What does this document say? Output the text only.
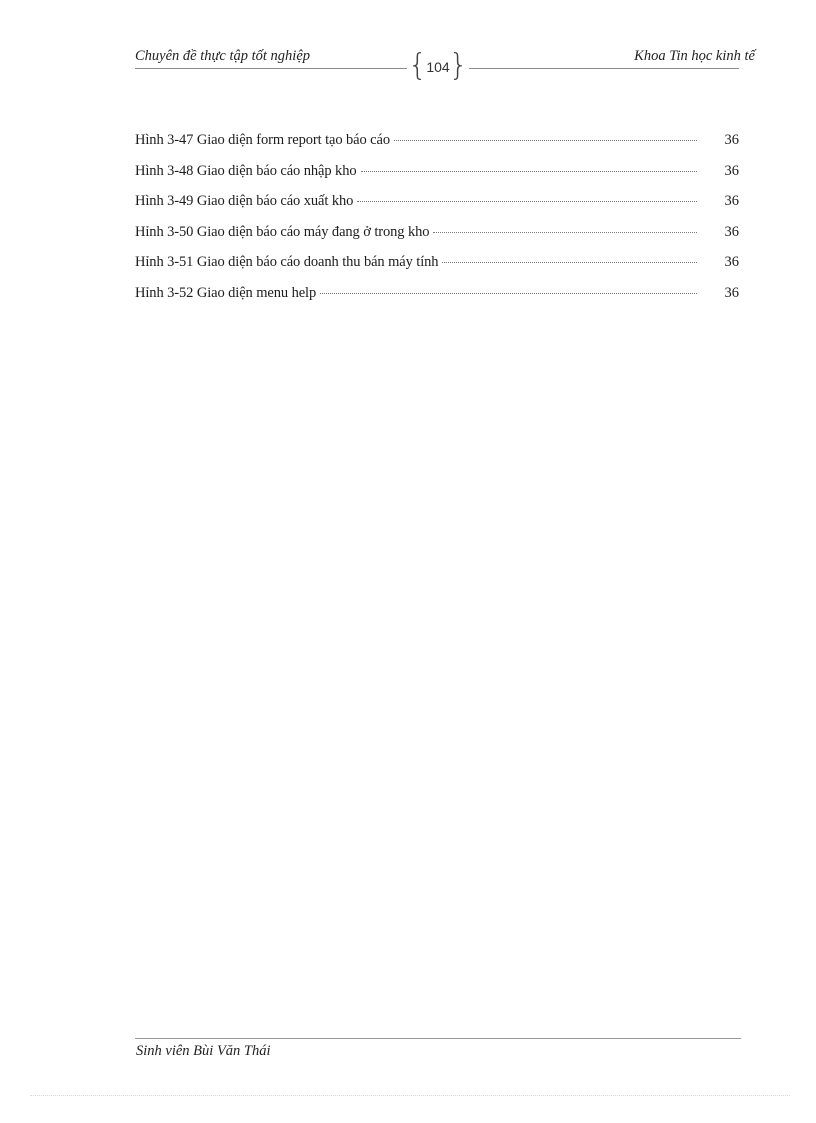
Chuyên đề thực tập tốt nghiệp	{ 104 }	Khoa Tin học kinh tế
Hình 3-47 Giao diện form report tạo báo cáo	36
Hình 3-48 Giao diện báo cáo nhập kho	36
Hình 3-49 Giao diện báo cáo xuất kho	36
Hỉnh 3-50 Giao diện báo cáo máy đang ở trong kho	36
Hỉnh 3-51 Giao diện báo cáo doanh thu bán máy tính	36
Hỉnh 3-52 Giao diện menu help	36
Sinh viên Bùi Văn Thái
